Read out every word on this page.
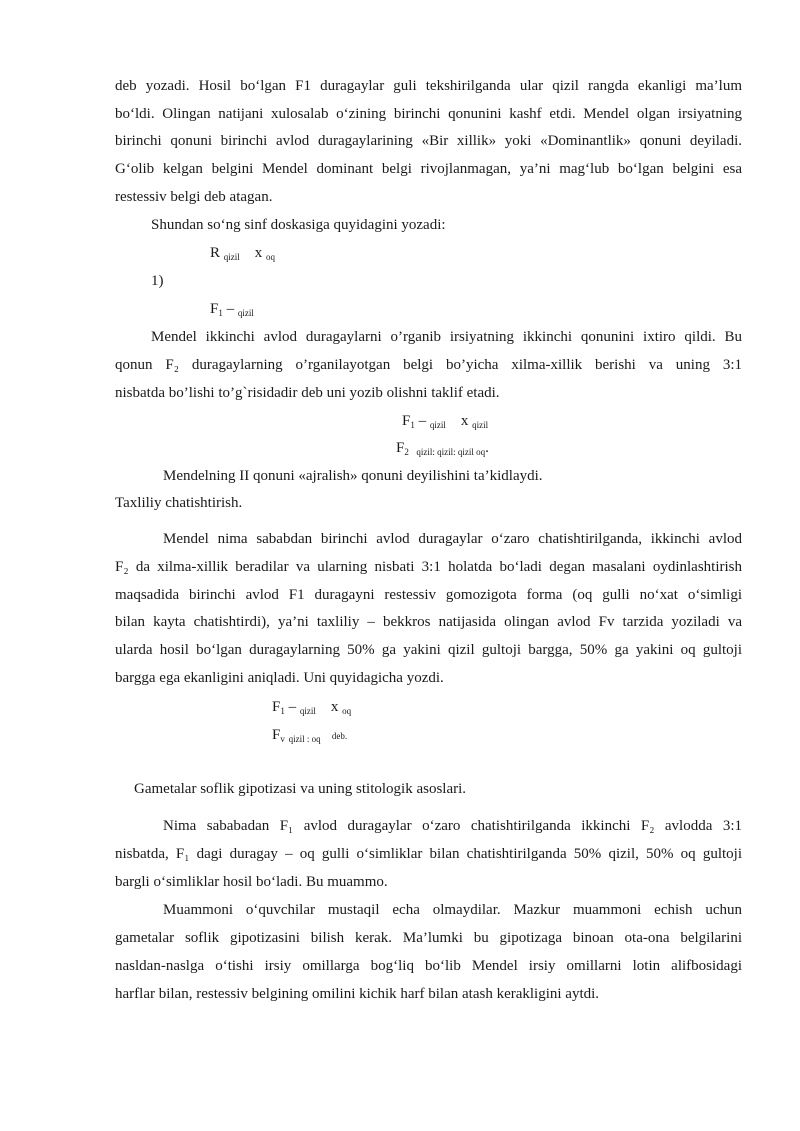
deb yozadi. Hosil bo‘lgan F1 duragaylar guli tekshirilganda ular qizil rangda ekanligi ma’lum
bo‘ldi. Olingan natijani xulosalab o‘zining birinchi qonunini kashf etdi. Mendel olgan irsiyatning
birinchi qonuni birinchi avlod duragaylarining «Bir xillik» yoki «Dominantlik» qonuni deyiladi.
G‘olib kelgan belgini Mendel dominant belgi rivojlanmagan, ya’ni mag‘lub bo‘lgan belgini esa
restessiv belgi deb atagan.
Shundan so‘ng sinf doskasiga quyidagini yozadi:
R $_{qizil}$ x $_{oq}$
1)
$F_1 - _{qizil}$
Mendel ikkinchi avlod duragaylarni o’rganib irsiyatning ikkinchi qonunini ixtiro qildi. Bu
qonun F₂ duragaylarning o’rganilayotgan belgi bo’yicha xilma-xillik berishi va uning 3:1
nisbatda bo’lishi to’g`risidadir deb uni yozib olishni taklif etadi.
$F_1 - _{qizil}$ x $_{qizil}$
$F_2$ $_{qizil: qizil: qizil oq}$.
Mendelning II qonuni «ajralish» qonuni deyilishini ta’kidlaydi.
Taxliliy chatishtirish.
Mendel nima sababdan birinchi avlod duragaylar o‘zaro chatishtirilganda, ikkinchi avlod
F₂ da xilma-xillik beradilar va ularning nisbati 3:1 holatda bo‘ladi degan masalani oydinlashtirish
maqsadida birinchi avlod F1 duragayni restessiv gomozigota forma (oq gulli no‘xat o‘simligi
bilan kayta chatishtirdi), ya’ni taxliliy – bekkros natijasida olingan avlod Fv tarzida yoziladi va
ularda hosil bo‘lgan duragaylarning 50% ga yakini qizil gultoji bargga, 50% ga yakini oq gultoji
bargga ega ekanligini aniqladi. Uni quyidagicha yozdi.
$F_1 - _{qizil}$ x $_{oq}$
$F_v$ $_{qizil : oq}$ deb.
Gametalar soflik gipotizasi va uning stitologik asoslari.
Nima sababadan F₁ avlod duragaylar o‘zaro chatishtirilganda ikkinchi F₂ avlodda 3:1
nisbatda, F₁ dagi duragay – oq gulli o‘simliklar bilan chatishtirilganda 50% qizil, 50% oq gultoji
bargli o‘simliklar hosil bo‘ladi. Bu muammo.
Muammoni o‘quvchilar mustaqil echa olmaydilar. Mazkur muammoni echish uchun
gametalar soflik gipotizasini bilish kerak. Ma’lumki bu gipotizaga binoan ota-ona belgilarini
nasldan-naslga o‘tishi irsiy omillarga bog‘liq bo‘lib Mendel irsiy omillarni lotin alifbosidagi
harflar bilan, restessiv belgining omilini kichik harf bilan atash kerakligini aytdi.
